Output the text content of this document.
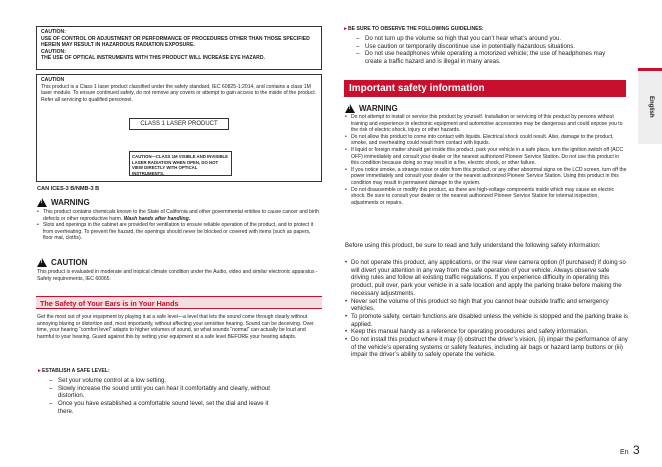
CAUTION:

USE OF CONTROL OR ADJUSTMENT OR PERFORMANCE OF PROCEDURES OTHER THAN THOSE SPECIFIED HEREIN MAY RESULT IN HAZARDOUS RADIATION EXPOSURE.

CAUTION:

THE USE OF OPTICAL INSTRUMENTS WITH THIS PRODUCT WILL INCREASE EYE HAZARD.

CAUTION

This product is a Class 1 laser product classified under the safety standard, IEC 60825-1:2014, and contains a class 1M laser module. To ensure continued safety, do not remove any covers or attempt to gain access to the inside of the product. Refer all servicing to qualified personnel.

CLASS 1 LASER PRODUCT
CAUTION—CLASS 1M VISIBLE AND INVISIBLE LASER RADIATION WHEN OPEN, DO NOT VIEW DIRECTLY WITH OPTICAL INSTRUMENTS.
CAN ICES-3 B/NMB-3 B
!
WARNING
• This product contains chemicals known to the State of California and other governmental entities to cause cancer and birth defects or other reproductive harm. Wash hands after handling.
• Slots and openings in the cabinet are provided for ventilation to ensure reliable operation of the product, and to protect it from overheating. To prevent fire hazard, the openings should never be blocked or covered with items (such as papers, floor mat, cloths).
!
CAUTION

This product is evaluated in moderate and tropical climate condition under the Audio, video and similar electronic apparatus - Safety requirements, IEC 60065.

The Safety of Your Ears is in Your Hands

Get the most out of your equipment by playing it at a safe level—a level that lets the sound come through clearly without annoying blaring or distortion and, most importantly, without affecting your sensitive hearing. Sound can be deceiving. Over time, your hearing “comfort level” adapts to higher volumes of sound, so what sounds “normal” can actually be loud and harmful to your hearing. Guard against this by setting your equipment at a safe level BEFORE your hearing adapts.

►ESTABLISH A SAFE LEVEL:
– Set your volume control at a low setting.
– Slowly increase the sound until you can hear it comfortably and clearly, without distortion.
– Once you have established a comfortable sound level, set the dial and leave it there.
►BE SURE TO OBSERVE THE FOLLOWING GUIDELINES:
– Do not turn up the volume so high that you can’t hear what’s around you.
– Use caution or temporarily discontinue use in potentially hazardous situations.
– Do not use headphones while operating a motorized vehicle; the use of headphones may create a traffic hazard and is illegal in many areas.
Important safety information
!
WARNING
• Do not attempt to install or service this product by yourself. Installation or servicing of this product by persons without training and experience in electronic equipment and automotive accessories may be dangerous and could expose you to the risk of electric shock, injury or other hazards.
• Do not allow this product to come into contact with liquids. Electrical shock could result. Also, damage to the product, smoke, and overheating could result from contact with liquids.
• If liquid or foreign matter should get inside this product, park your vehicle in a safe place, turn the ignition switch off (ACC OFF) immediately and consult your dealer or the nearest authorized Pioneer Service Station. Do not use this product in this condition because doing so may result in a fire, electric shock, or other failure.
• If you notice smoke, a strange noise or odor from this product, or any other abnormal signs on the LCD screen, turn off the power immediately and consult your dealer or the nearest authorized Pioneer Service Station. Using this product in this condition may result in permanent damage to the system.
• Do not disassemble or modify this product, as there are high-voltage components inside which may cause an electric shock. Be sure to consult your dealer or the nearest authorized Pioneer Service Station for internal inspection, adjustments or repairs.

Before using this product, be sure to read and fully understand the following safety information:

• Do not operate this product, any applications, or the rear view camera option (if purchased) if doing so will divert your attention in any way from the safe operation of your vehicle. Always observe safe driving rules and follow all existing traffic regulations. If you experience difficulty in operating this product, pull over, park your vehicle in a safe location and apply the parking brake before making the necessary adjustments.
• Never set the volume of this product so high that you cannot hear outside traffic and emergency vehicles.
• To promote safety, certain functions are disabled unless the vehicle is stopped and the parking brake is applied.
• Keep this manual handy as a reference for operating procedures and safety information.
• Do not install this product where it may (i) obstruct the driver’s vision, (ii) impair the performance of any of the vehicle’s operating systems or safety features, including air bags or hazard lamp buttons or (iii) impair the driver’s ability to safely operate the vehicle.
English
En 3
